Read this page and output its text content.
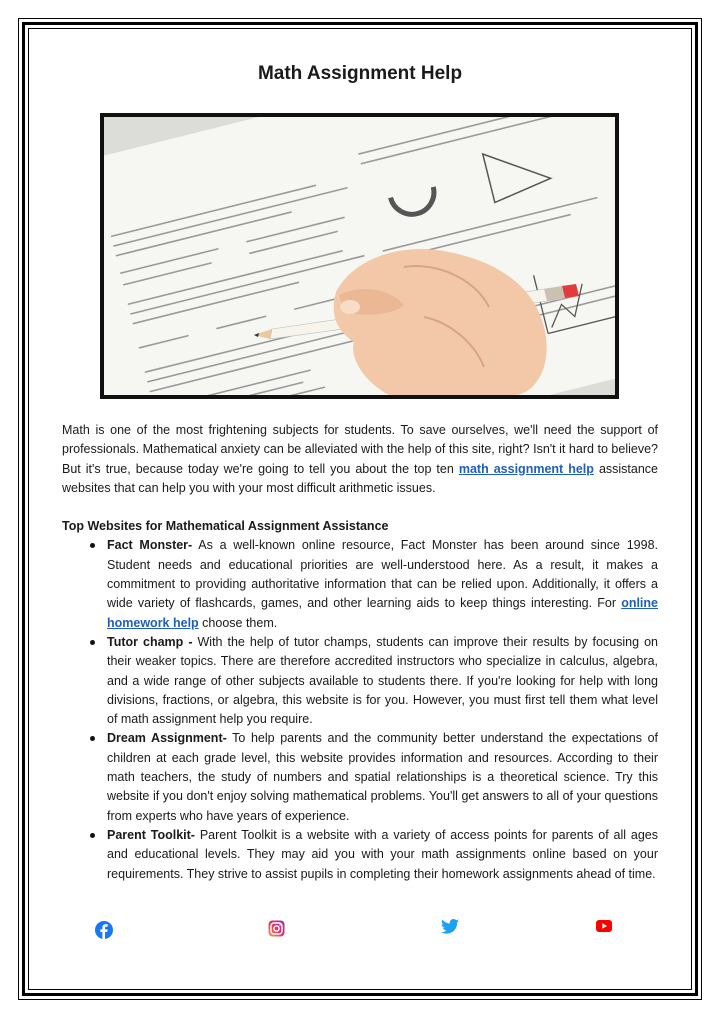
Math Assignment Help

Math is one of the most frightening subjects for students. To save ourselves, we'll need the support of professionals. Mathematical anxiety can be alleviated with the help of this site, right? Isn't it hard to believe? But it's true, because today we're going to tell you about the top ten math assignment help assistance websites that can help you with your most difficult arithmetic issues.

Top Websites for Mathematical Assignment Assistance

Fact Monster- As a well-known online resource, Fact Monster has been around since 1998. Student needs and educational priorities are well-understood here. As a result, it makes a commitment to providing authoritative information that can be relied upon. Additionally, it offers a wide variety of flashcards, games, and other learning aids to keep things interesting. For online homework help choose them.
Tutor champ - With the help of tutor champs, students can improve their results by focusing on their weaker topics. There are therefore accredited instructors who specialize in calculus, algebra, and a wide range of other subjects available to students there. If you're looking for help with long divisions, fractions, or algebra, this website is for you. However, you must first tell them what level of math assignment help you require.
Dream Assignment- To help parents and the community better understand the expectations of children at each grade level, this website provides information and resources. According to their math teachers, the study of numbers and spatial relationships is a theoretical science. Try this website if you don't enjoy solving mathematical problems. You'll get answers to all of your questions from experts who have years of experience.
Parent Toolkit- Parent Toolkit is a website with a variety of access points for parents of all ages and educational levels. They may aid you with your math assignments online based on your requirements. They strive to assist pupils in completing their homework assignments ahead of time.
